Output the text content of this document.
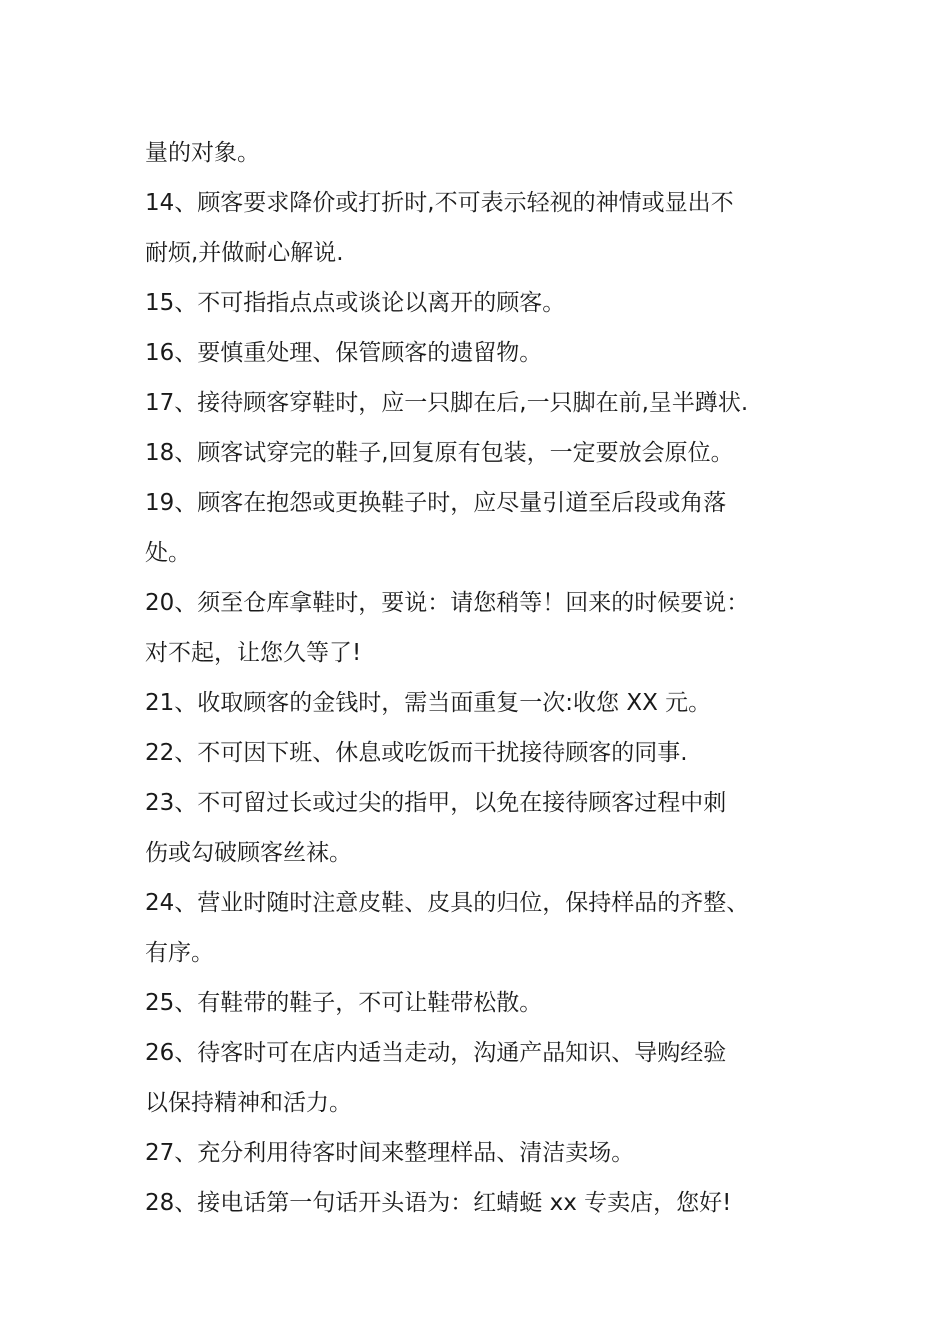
量的对象。
14、顾客要求降价或打折时,不可表示轻视的神情或显出不
耐烦,并做耐心解说.
15、不可指指点点或谈论以离开的顾客。
16、要慎重处理、保管顾客的遗留物。
17、接待顾客穿鞋时，应一只脚在后,一只脚在前,呈半蹲状.
18、顾客试穿完的鞋子,回复原有包装，一定要放会原位。
19、顾客在抱怨或更换鞋子时，应尽量引道至后段或角落
处。
20、须至仓库拿鞋时，要说：请您稍等！回来的时候要说：
对不起，让您久等了!
21、收取顾客的金钱时，需当面重复一次:收您 XX 元。
22、不可因下班、休息或吃饭而干扰接待顾客的同事.
23、不可留过长或过尖的指甲，以免在接待顾客过程中刺
伤或勾破顾客丝袜。
24、营业时随时注意皮鞋、皮具的归位，保持样品的齐整、
有序。
25、有鞋带的鞋子，不可让鞋带松散。
26、待客时可在店内适当走动，沟通产品知识、导购经验
以保持精神和活力。
27、充分利用待客时间来整理样品、清洁卖场。
28、接电话第一句话开头语为：红蜻蜓 xx 专卖店，您好!
